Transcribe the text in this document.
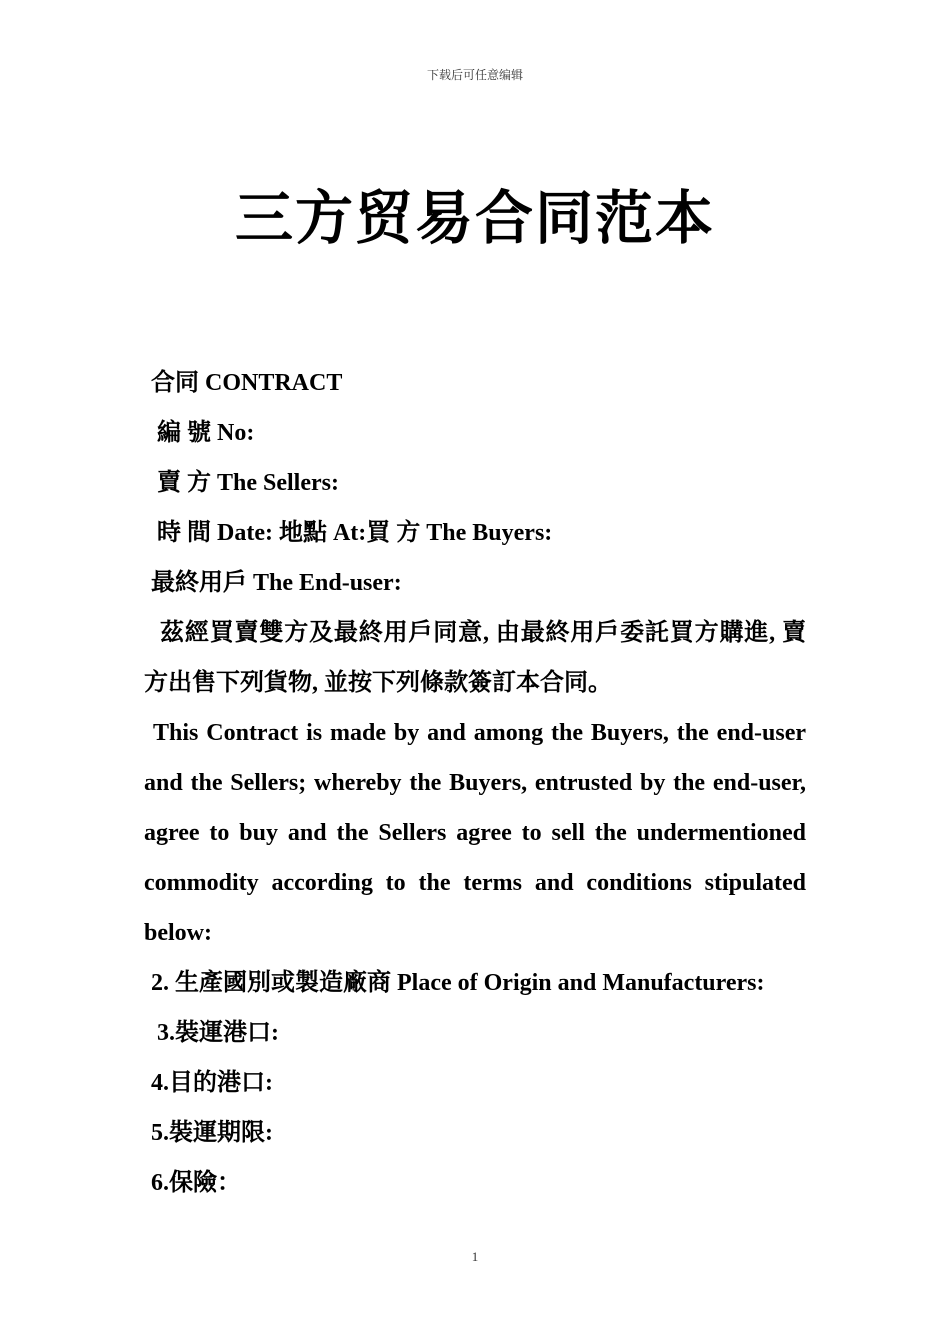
下载后可任意编辑
三方贸易合同范本

合同 CONTRACT

編 號 No:

賣 方 The Sellers:

時 間 Date: 地點 At:買 方 The Buyers:

最終用戶 The End-user:

茲經買賣雙方及最終用戶同意, 由最終用戶委託買方購進, 賣方出售下列貨物, 並按下列條款簽訂本合同。

This Contract is made by and among the Buyers, the end-user and the Sellers; whereby the Buyers, entrusted by the end-user, agree to buy and the Sellers agree to sell the undermentioned commodity according to the terms and conditions stipulated below:

2. 生產國別或製造廠商 Place of Origin and Manufacturers:

3.裝運港口:

4.目的港口:

5.裝運期限:

6.保險：

1
